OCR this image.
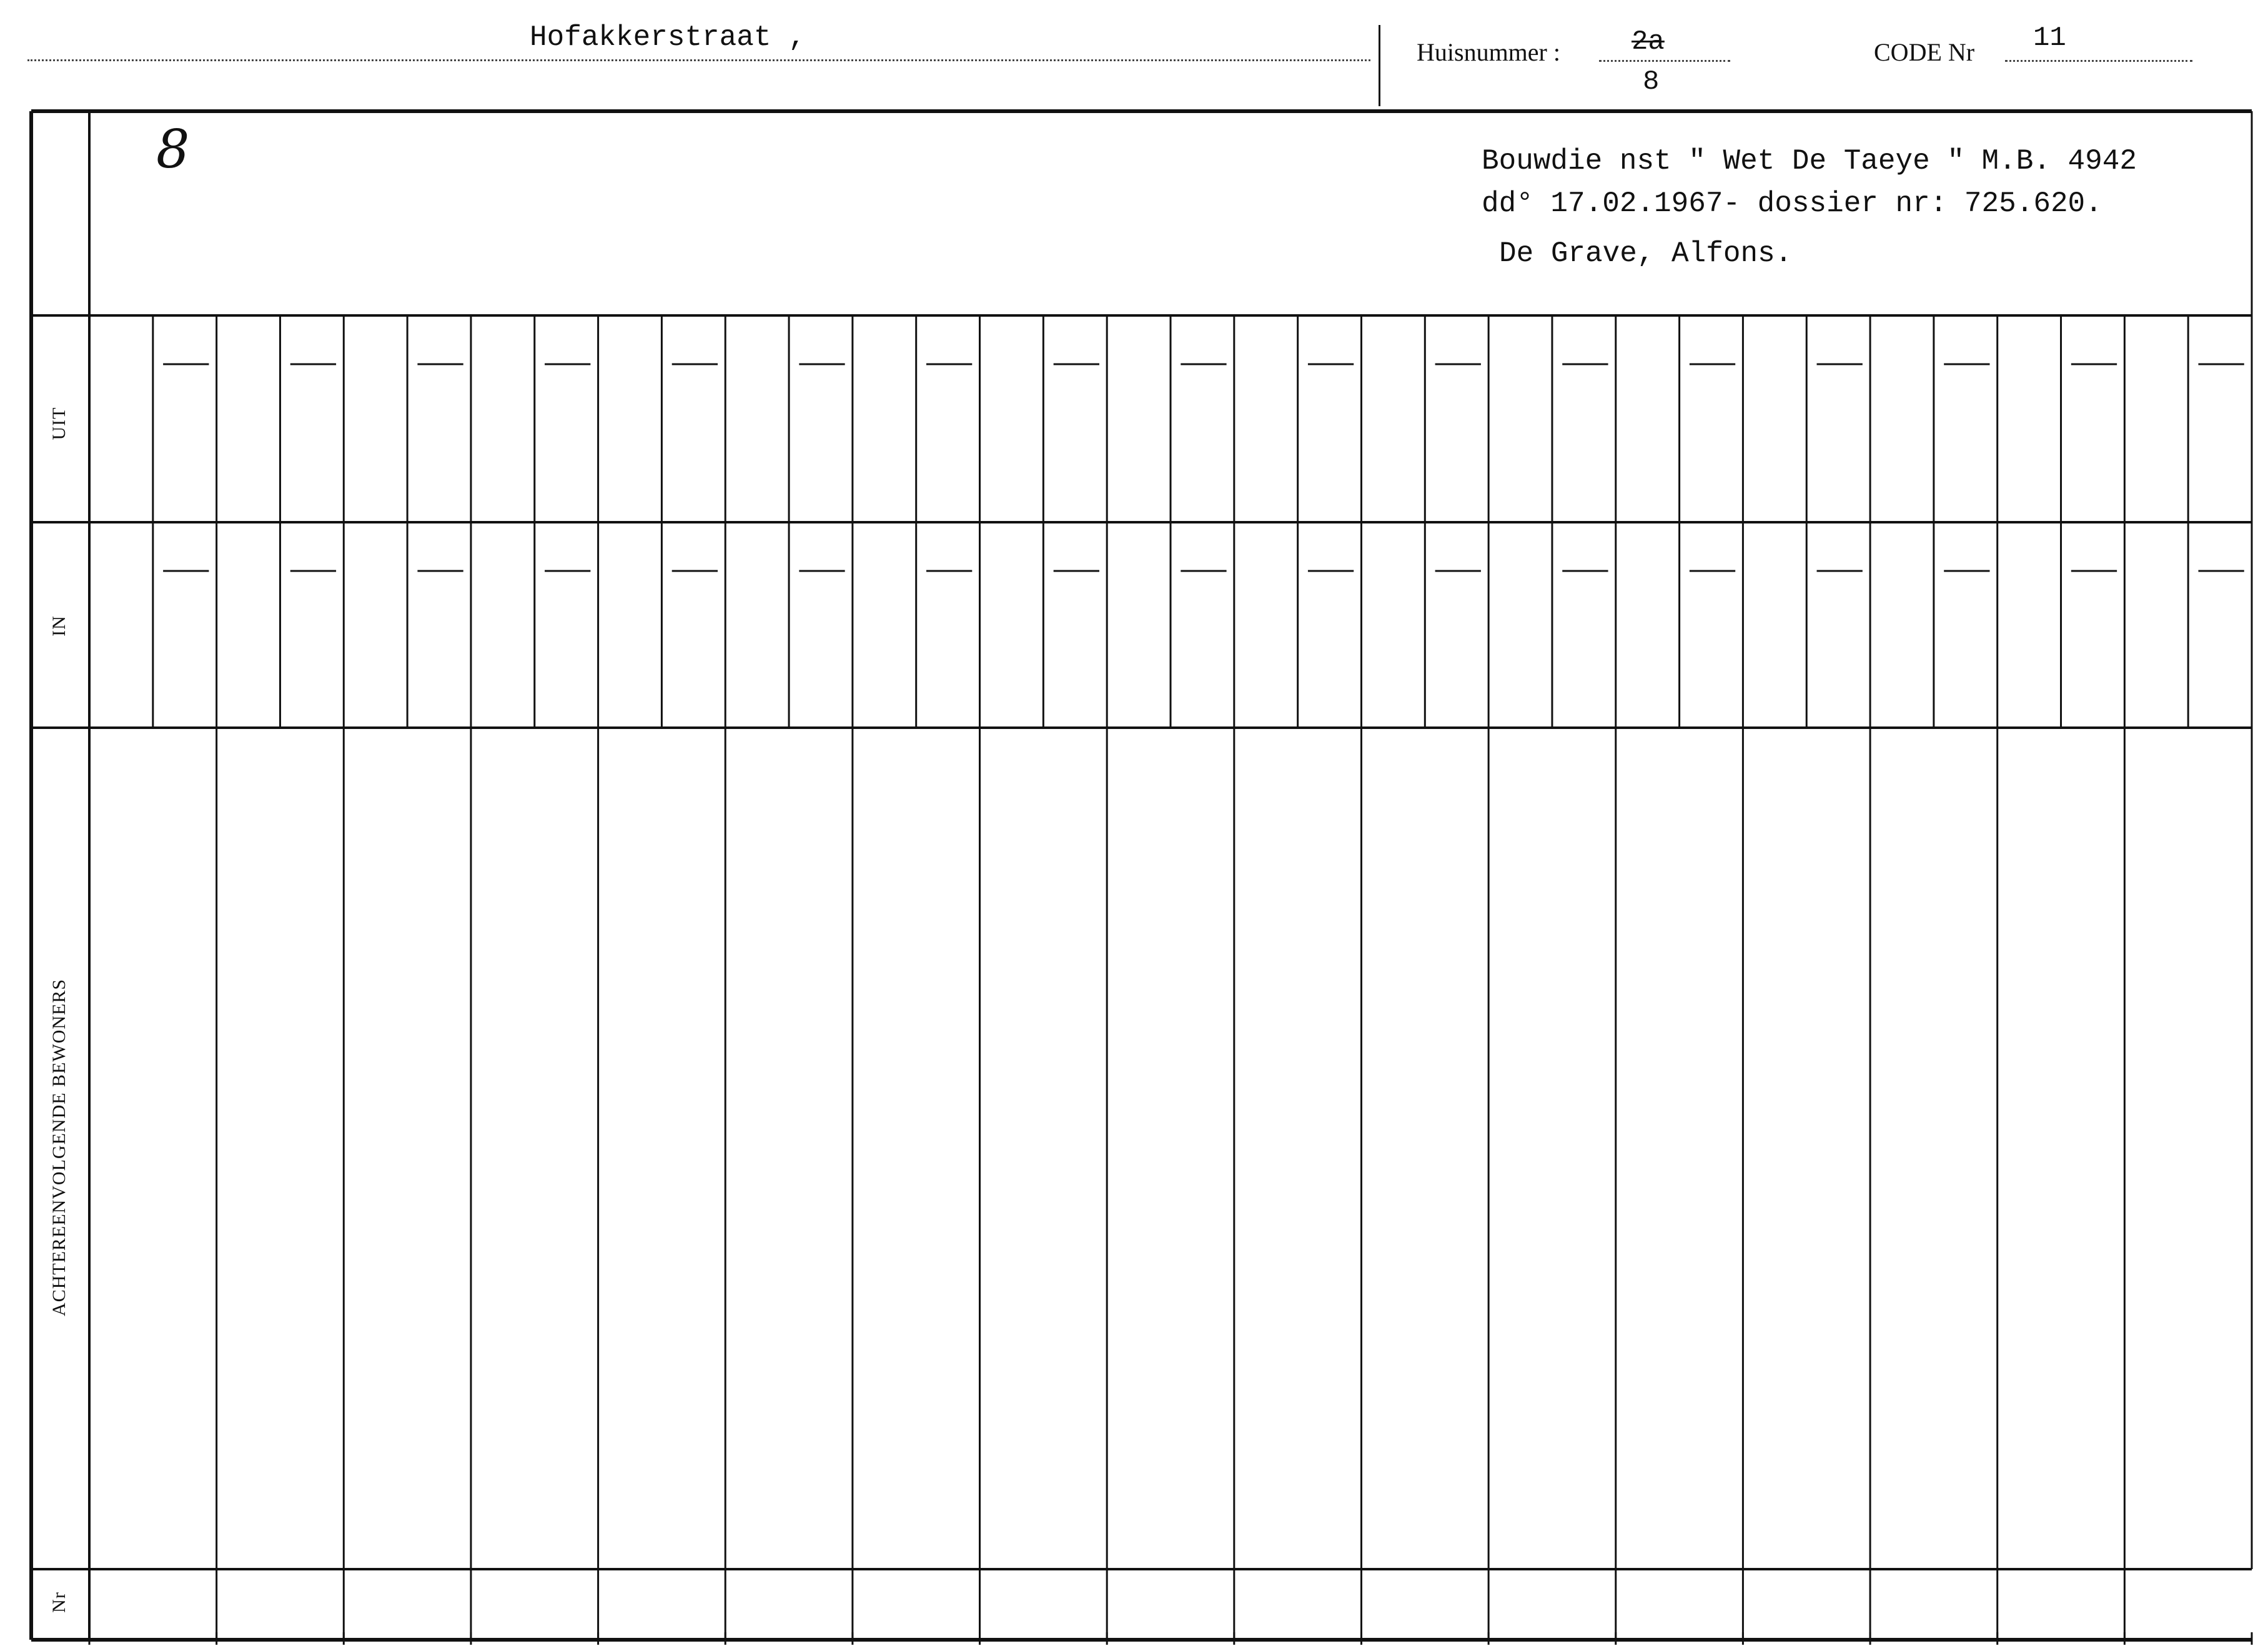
Hofakkerstraat ,	Huisnummer :	2a
8
CODE Nr 11
8	Bouwdie nst " Wet De Taeye " M.B. 4942
dd° 17.02.1967- dossier nr: 725.620.
De Grave, Alfons.
UIT
IN
ACHTEREENVOLGENDE BEWONERS
Nr
